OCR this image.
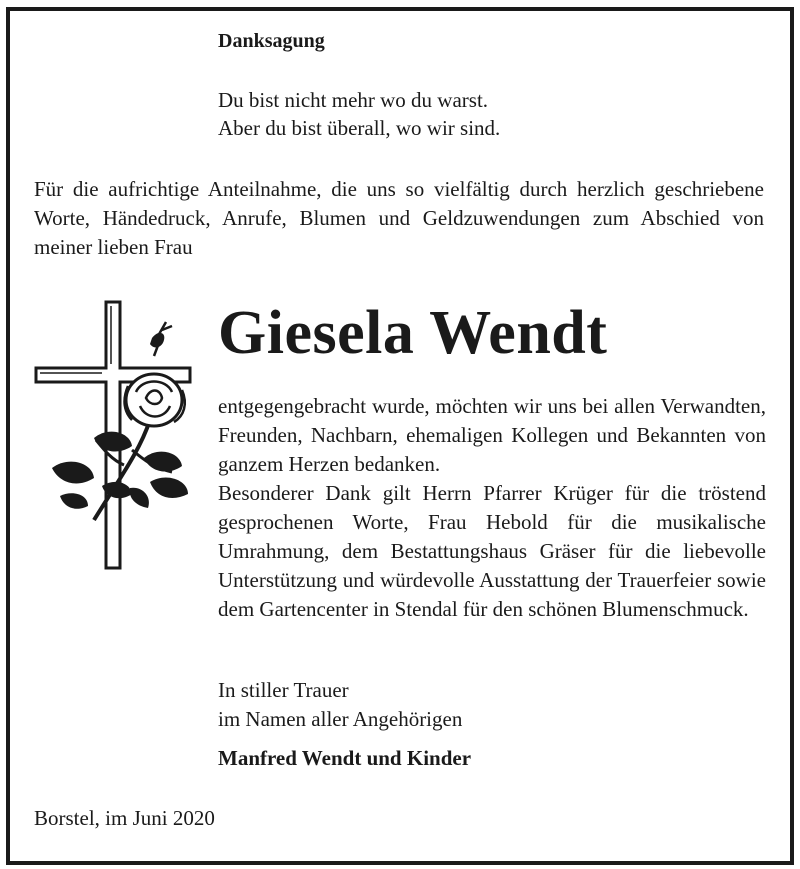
Danksagung
Du bist nicht mehr wo du warst.
Aber du bist überall, wo wir sind.
Für die aufrichtige Anteilnahme, die uns so vielfältig durch herzlich geschriebene Worte, Händedruck, Anrufe, Blumen und Geldzuwendungen zum Abschied von meiner lieben Frau
Giesela Wendt

entgegengebracht wurde, möchten wir uns bei allen Verwandten, Freunden, Nachbarn, ehemaligen Kollegen und Bekannten von ganzem Herzen bedanken.

Besonderer Dank gilt Herrn Pfarrer Krüger für die tröstend gesprochenen Worte, Frau Hebold für die musikalische Umrahmung, dem Bestattungshaus Gräser für die liebevolle Unterstützung und würdevolle Ausstattung der Trauerfeier sowie dem Gartencenter in Stendal für den schönen Blumenschmuck.

In stiller Trauer
im Namen aller Angehörigen
Manfred Wendt und Kinder
Borstel, im Juni 2020
